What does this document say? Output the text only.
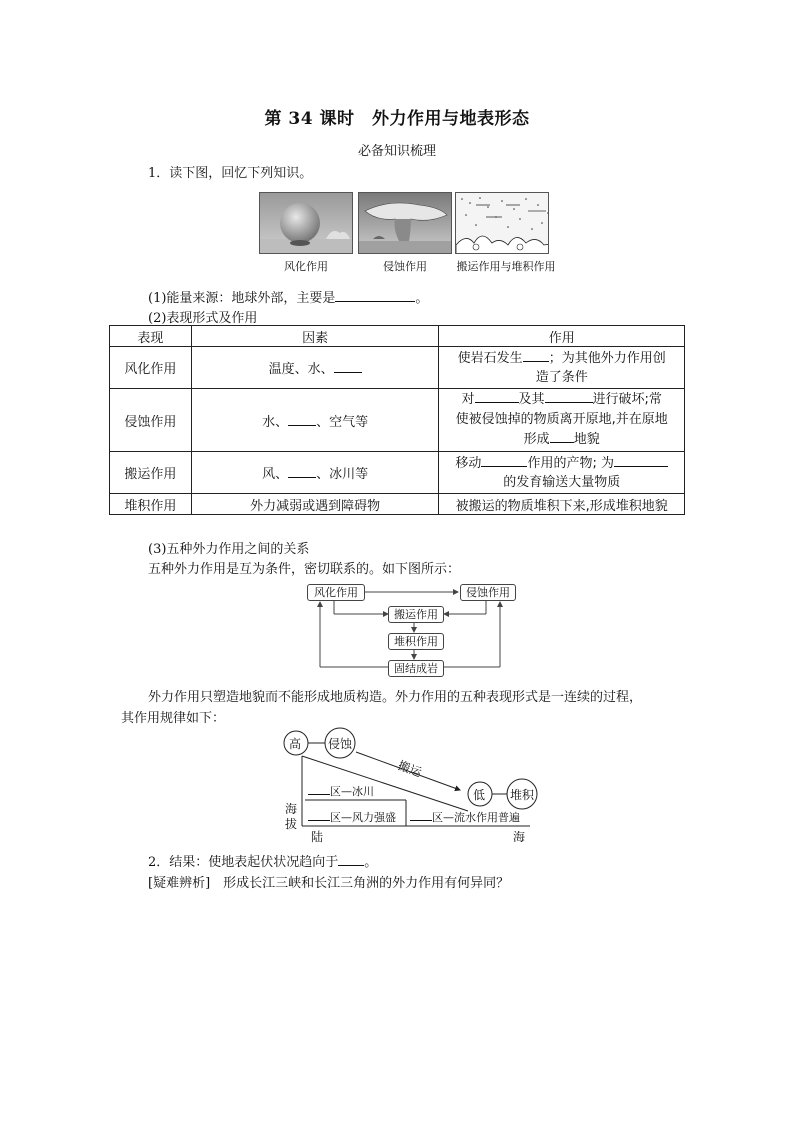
第 34 课时　外力作用与地表形态
必备知识梳理
1．读下图，回忆下列知识。
风化作用	侵蚀作用	搬运作用与堆积作用
(1)能量来源：地球外部，主要是	。
(2)表现形式及作用
表现	因素	作用
风化作用	温度、水、	使岩石发生 ；为其他外力作用创
造了条件

侵蚀作用	水、 、空气等	对 及其 进行破坏;常
使被侵蚀掉的物质离开原地,并在原地
形成 地貌

搬运作用	风、 、冰川等	移动 作用的产物; 为
的发育输送大量物质

堆积作用	外力减弱或遇到障碍物	被搬运的物质堆积下来,形成堆积地貌
(3)五种外力作用之间的关系
五种外力作用是互为条件，密切联系的。如下图所示：
风化作用	侵蚀作用
搬运作用
堆积作用
固结成岩
外力作用只塑造地貌而不能形成地质构造。外力作用的五种表现形式是一连续的过程，
其作用规律如下：
高 侵蚀
搬运
低 堆积
区—冰川
区—风力强盛	区—流水作用普遍
海
拔
陆	海
2．结果：使地表起伏状况趋向于 。
[疑难辨析]　 形成长江三峡和长江三角洲的外力作用有何异同？
